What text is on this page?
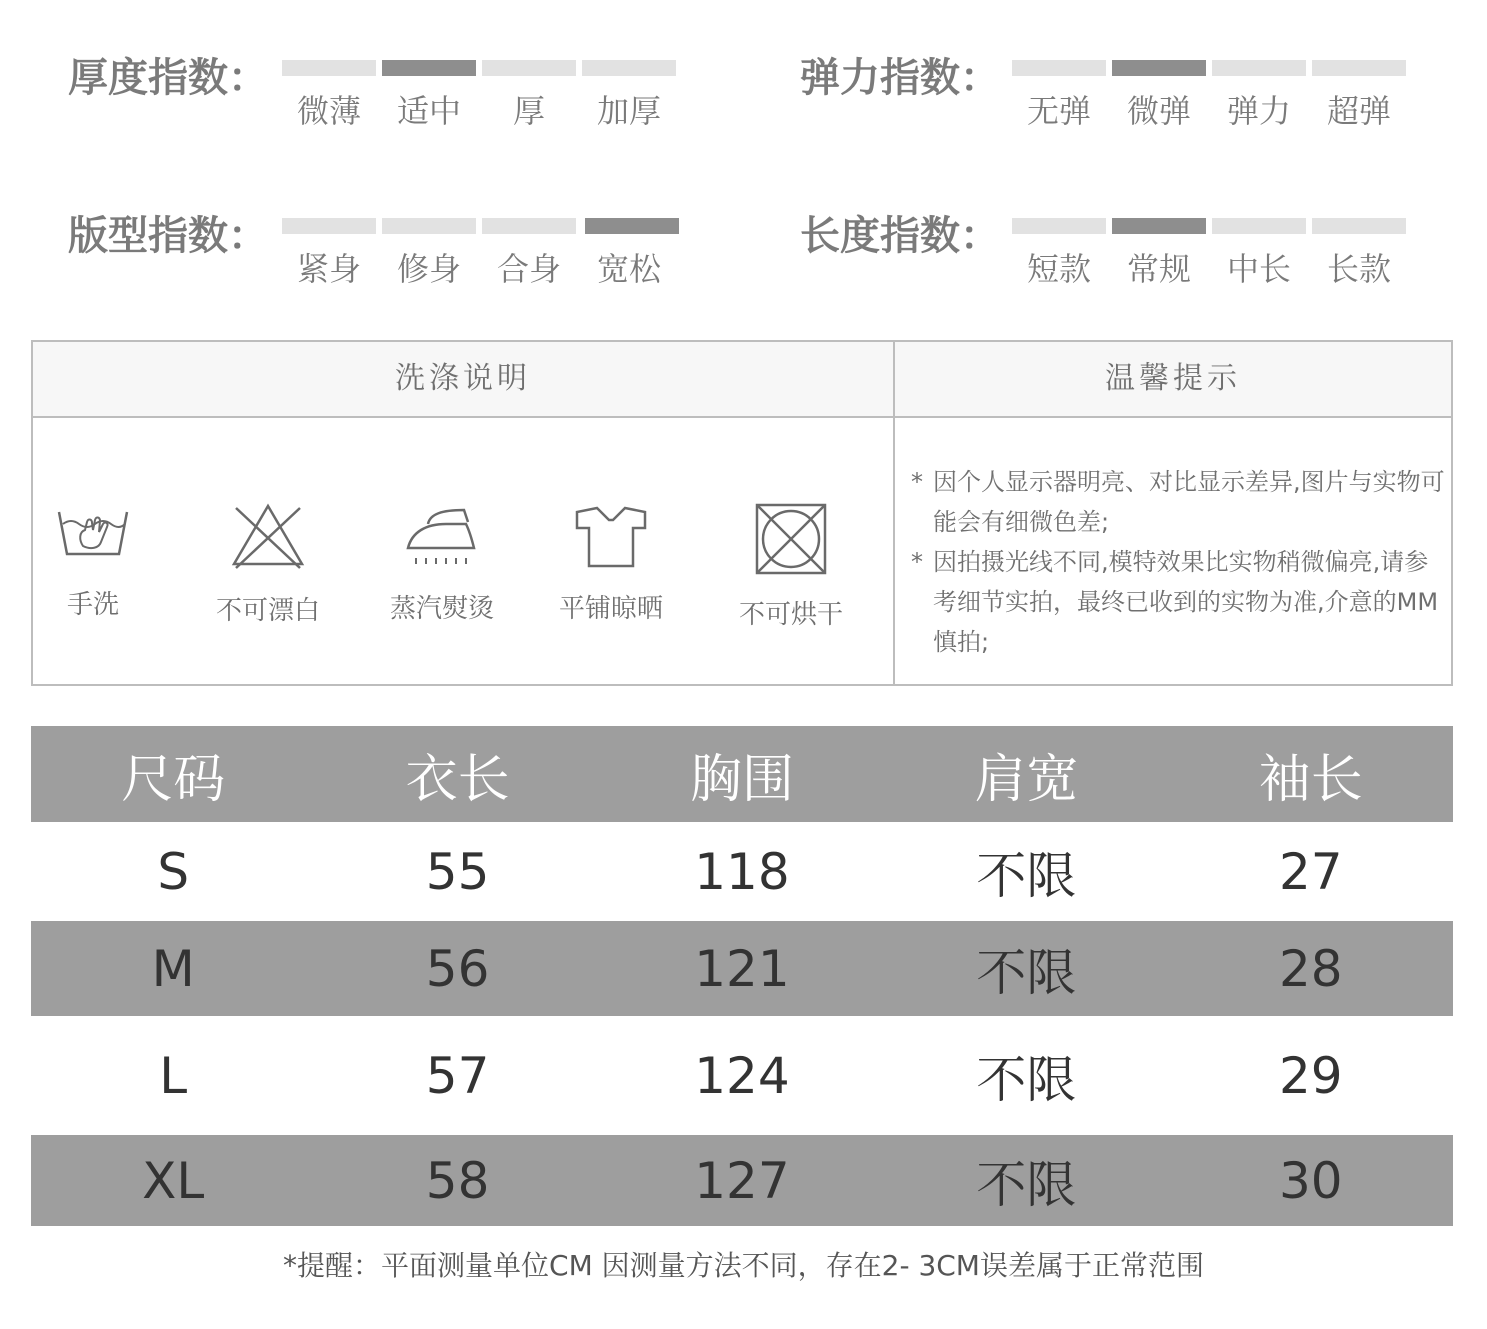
厚度指数：
微薄	适中	厚	加厚
弹力指数：
无弹	微弹	弹力	超弹
版型指数：
紧身	修身	合身	宽松
长度指数：
短款	常规	中长	长款
洗涤说明	温馨提示
手洗	不可漂白	蒸汽熨烫	平铺晾晒	不可烘干
* 因个人显示器明亮、对比显示差异,图片与实物可能会有细微色差;
* 因拍摄光线不同,模特效果比实物稍微偏亮,请参考细节实拍，最终已收到的实物为准,介意的MM慎拍;
尺码	衣长	胸围	肩宽	袖长
S	55	118	不限	27
M	56	121	不限	28
L	57	124	不限	29
XL	58	127	不限	30
*提醒：平面测量单位CM 因测量方法不同，存在2- 3CM误差属于正常范围
